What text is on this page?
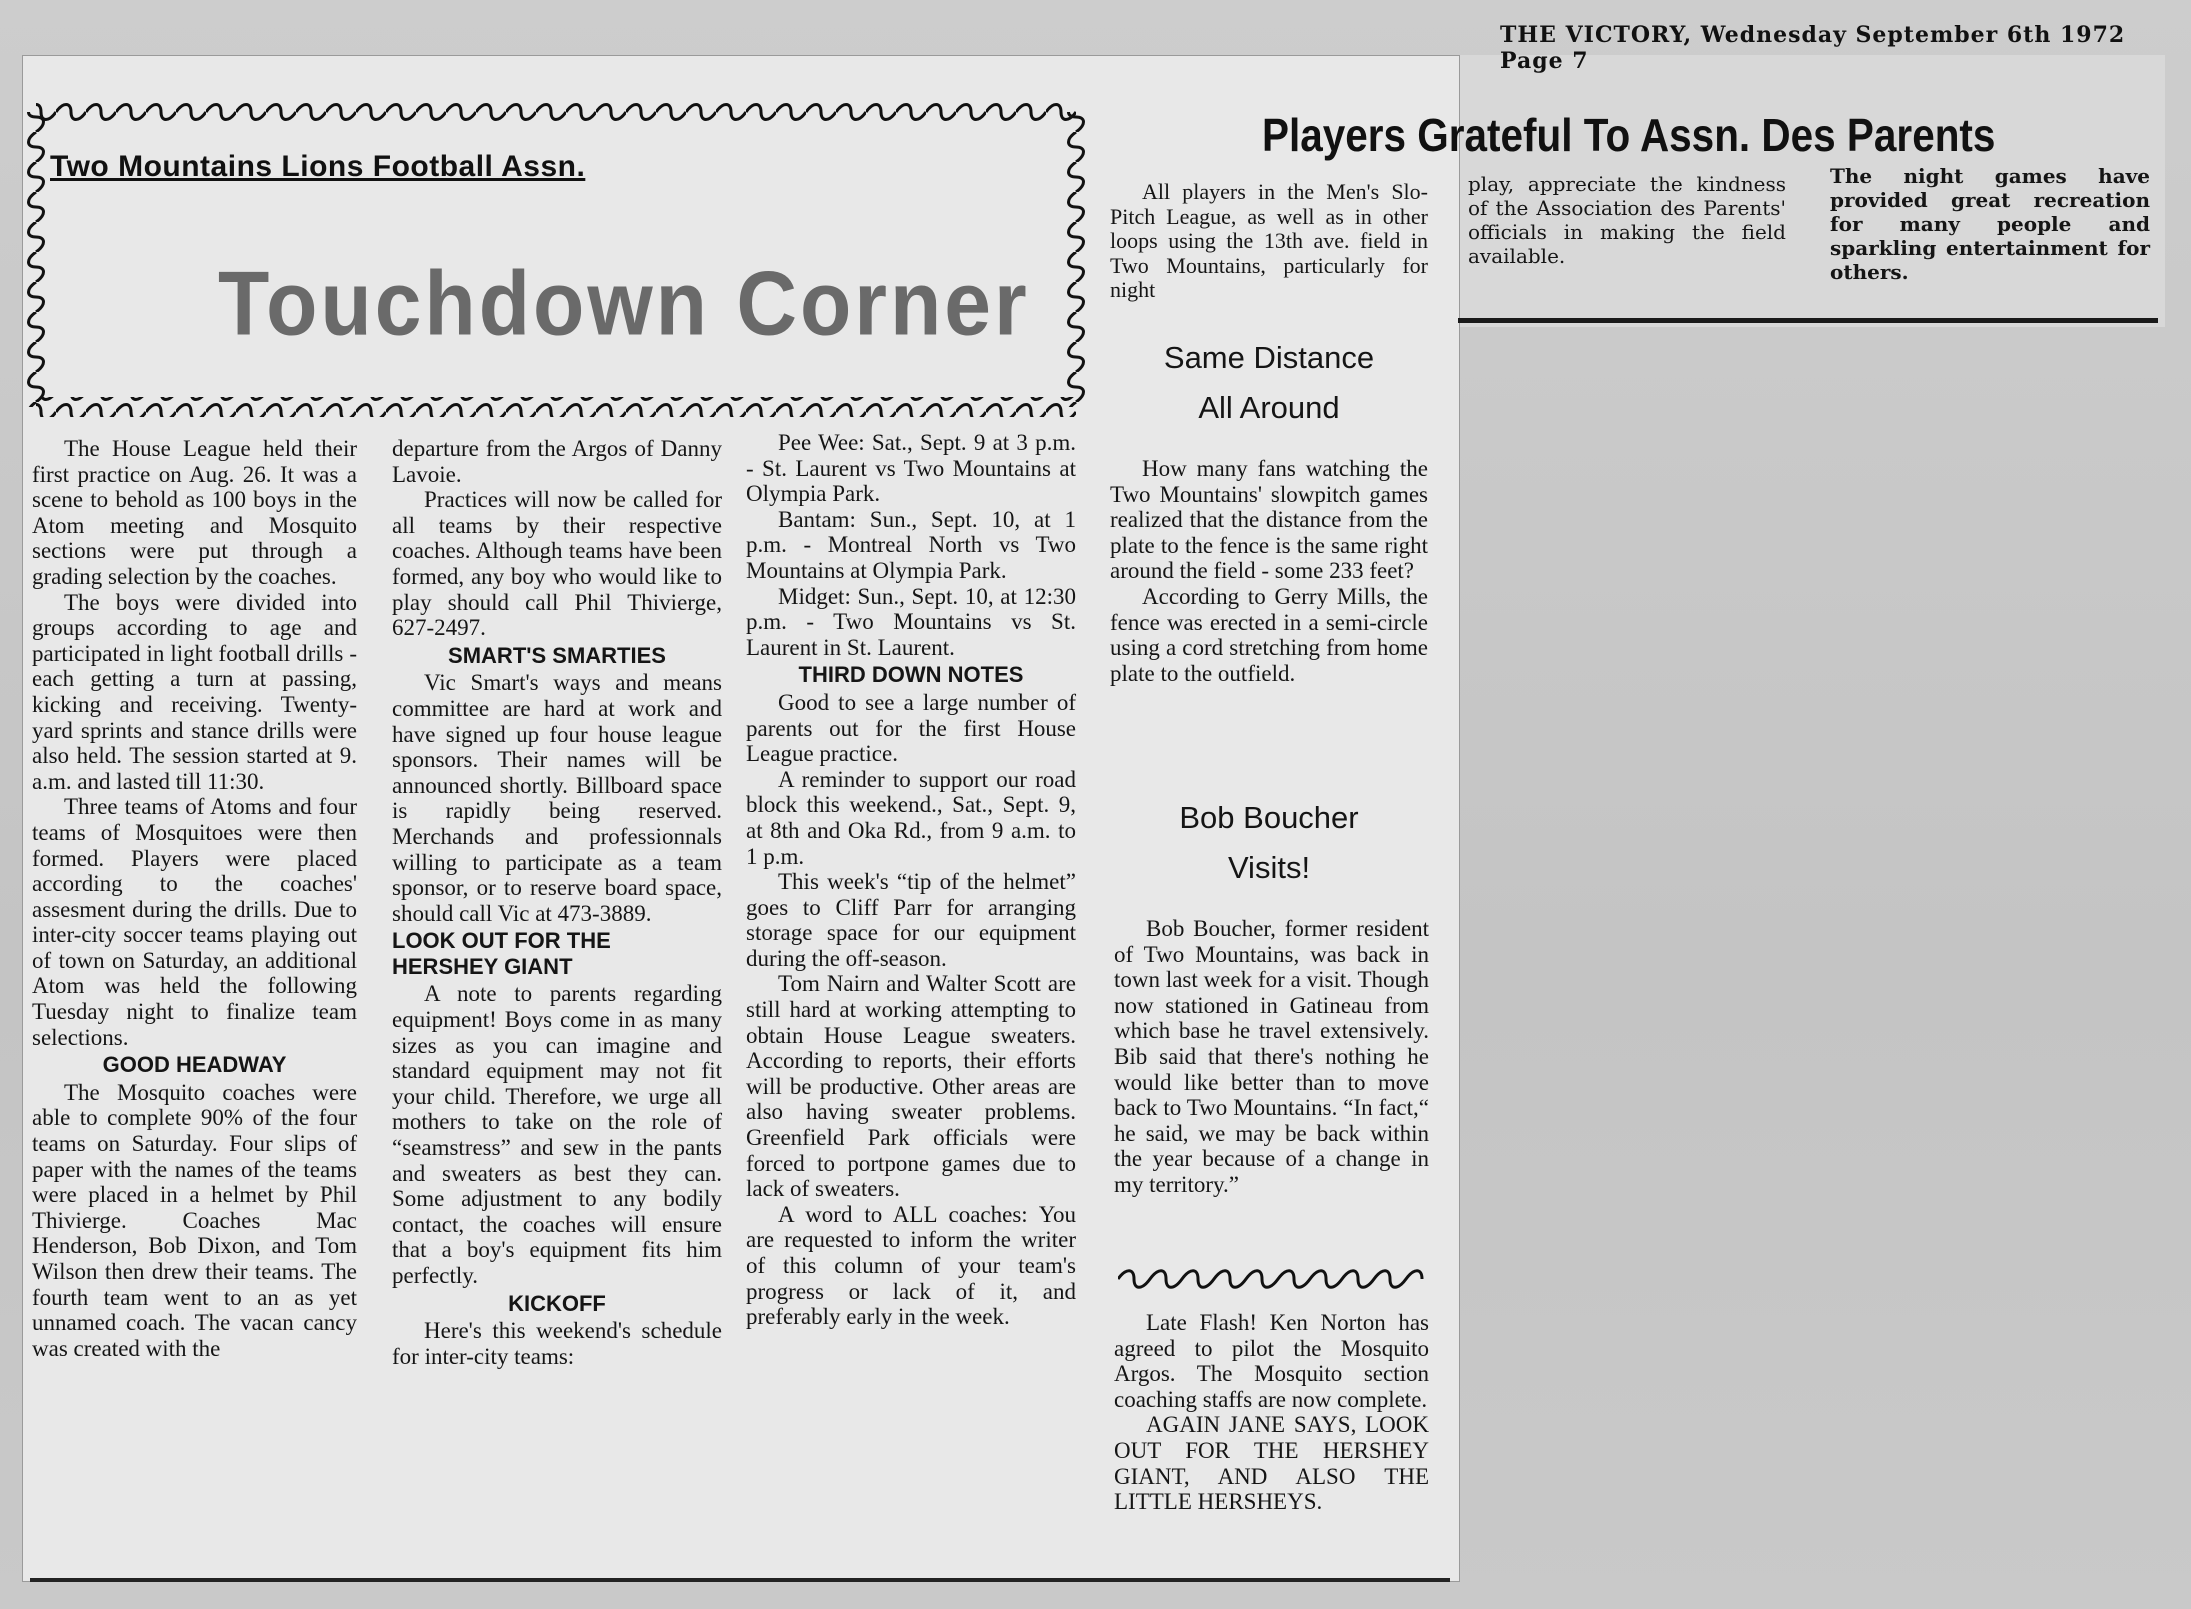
THE VICTORY, Wednesday September 6th 1972 Page 7
Two Mountains Lions Football Assn.
Touchdown Corner

The House League held their first practice on Aug. 26. It was a scene to behold as 100 boys in the Atom meeting and Mosquito sections were put through a grading selection by the coaches.

The boys were divided into groups according to age and participated in light football drills - each getting a turn at passing, kicking and receiving. Twenty-yard sprints and stance drills were also held. The session started at 9. a.m. and lasted till 11:30.

Three teams of Atoms and four teams of Mosquitoes were then formed. Players were placed according to the coaches' assesment during the drills. Due to inter-city soccer teams playing out of town on Saturday, an additional Atom was held the following Tuesday night to finalize team selections.

GOOD HEADWAY

The Mosquito coaches were able to complete 90% of the four teams on Saturday. Four slips of paper with the names of the teams were placed in a helmet by Phil Thivierge. Coaches Mac Henderson, Bob Dixon, and Tom Wilson then drew their teams. The fourth team went to an as yet unnamed coach. The vacan cancy was created with the

departure from the Argos of Danny Lavoie.

Practices will now be called for all teams by their respective coaches. Although teams have been formed, any boy who would like to play should call Phil Thivierge, 627-2497.

SMART'S SMARTIES

Vic Smart's ways and means committee are hard at work and have signed up four house league sponsors. Their names will be announced shortly. Billboard space is rapidly being reserved. Merchands and professionnals willing to participate as a team sponsor, or to reserve board space, should call Vic at 473-3889.

LOOK OUT FOR THE HERSHEY GIANT

A note to parents regarding equipment! Boys come in as many sizes as you can imagine and standard equipment may not fit your child. Therefore, we urge all mothers to take on the role of “seamstress” and sew in the pants and sweaters as best they can. Some adjustment to any bodily contact, the coaches will ensure that a boy's equipment fits him perfectly.

KICKOFF

Here's this weekend's schedule for inter-city teams:

Pee Wee: Sat., Sept. 9 at 3 p.m. - St. Laurent vs Two Mountains at Olympia Park.

Bantam: Sun., Sept. 10, at 1 p.m. - Montreal North vs Two Mountains at Olympia Park.

Midget: Sun., Sept. 10, at 12:30 p.m. - Two Mountains vs St. Laurent in St. Laurent.

THIRD DOWN NOTES

Good to see a large number of parents out for the first House League practice.

A reminder to support our road block this weekend., Sat., Sept. 9, at 8th and Oka Rd., from 9 a.m. to 1 p.m.

This week's “tip of the helmet” goes to Cliff Parr for arranging storage space for our equipment during the off-season.

Tom Nairn and Walter Scott are still hard at working attempting to obtain House League sweaters. According to reports, their efforts will be productive. Other areas are also having sweater problems. Greenfield Park officials were forced to portpone games due to lack of sweaters.

A word to ALL coaches: You are requested to inform the writer of this column of your team's progress or lack of it, and preferably early in the week.

Players Grateful To Assn. Des Parents

All players in the Men's Slo-Pitch League, as well as in other loops using the 13th ave. field in Two Mountains, particularly for night

play, appreciate the kindness of the Association des Parents' officials in making the field available.

The night games have provided great recreation for many people and sparkling entertainment for others.

Same Distance
All Around

How many fans watching the Two Mountains' slowpitch games realized that the distance from the plate to the fence is the same right around the field - some 233 feet?

According to Gerry Mills, the fence was erected in a semi-circle using a cord stretching from home plate to the outfield.

Bob Boucher
Visits!

Bob Boucher, former resident of Two Mountains, was back in town last week for a visit. Though now stationed in Gatineau from which base he travel extensively. Bib said that there's nothing he would like better than to move back to Two Mountains. “In fact,“ he said, we may be back within the year because of a change in my territory.”

Late Flash! Ken Norton has agreed to pilot the Mosquito Argos. The Mosquito section coaching staffs are now complete.

AGAIN JANE SAYS, LOOK OUT FOR THE HERSHEY GIANT, AND ALSO THE LITTLE HERSHEYS.
